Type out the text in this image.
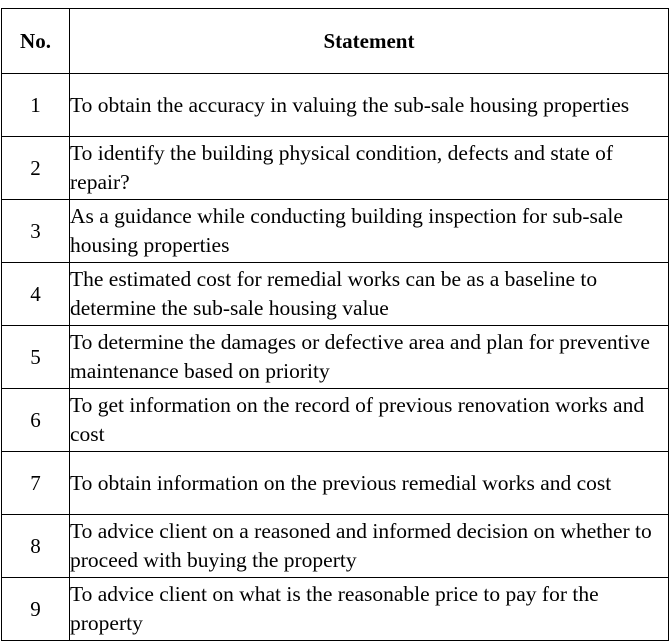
No.	Statement
1	To obtain the accuracy in valuing the sub-sale housing properties
2	To identify the building physical condition, defects and state of repair?
3	As a guidance while conducting building inspection for sub-sale housing properties
4	The estimated cost for remedial works can be as a baseline to determine the sub-sale housing value
5	To determine the damages or defective area and plan for preventive maintenance based on priority
6	To get information on the record of previous renovation works and cost
7	To obtain information on the previous remedial works and cost
8	To advice client on a reasoned and informed decision on whether to proceed with buying the property
9	To advice client on what is the reasonable price to pay for the property
